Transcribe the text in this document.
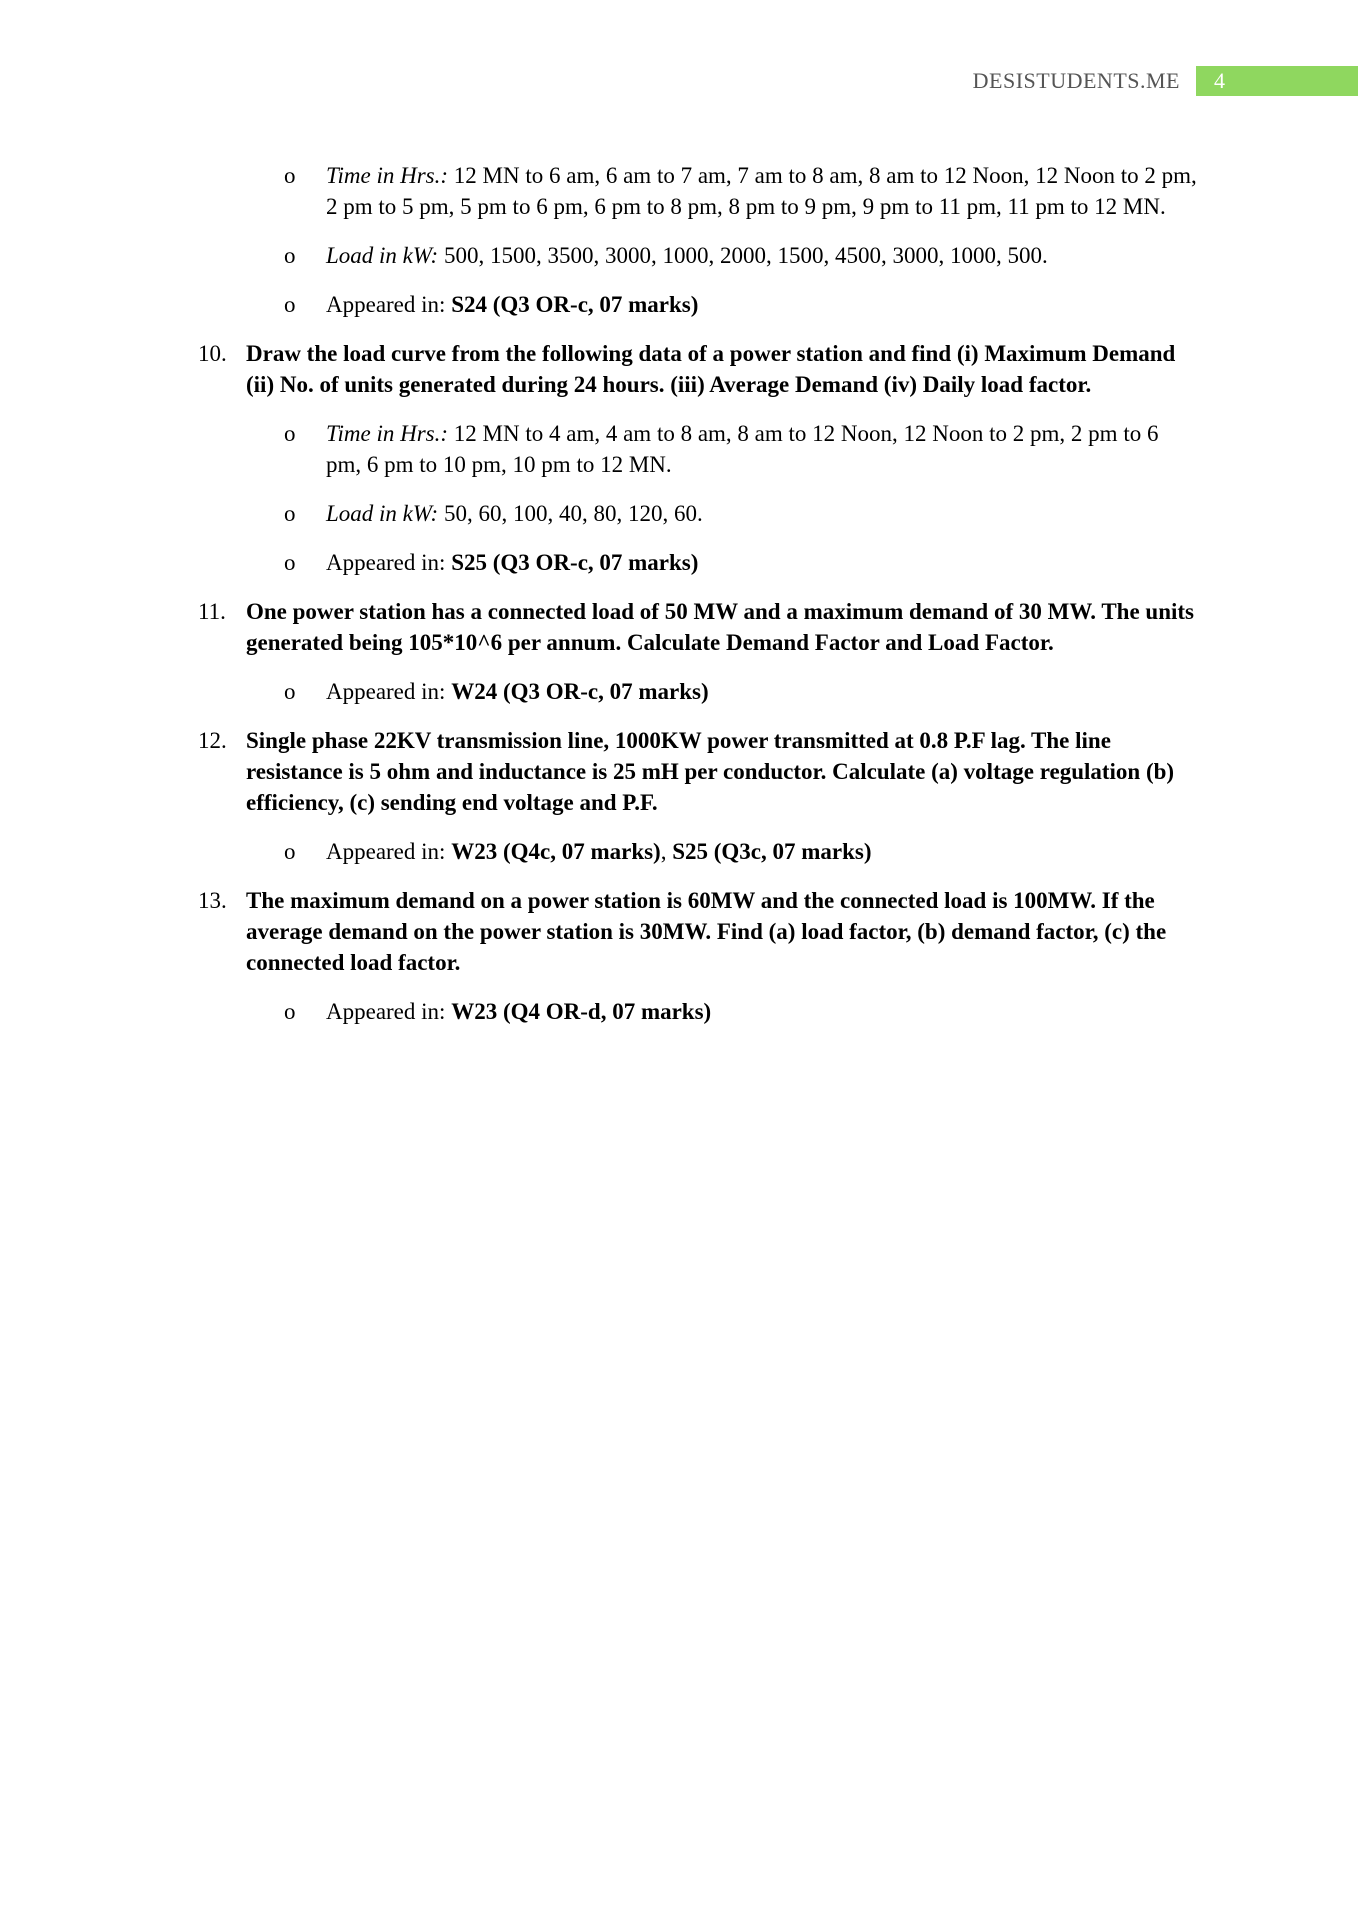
DESISTUDENTS.ME	4
o Time in Hrs.: 12 MN to 6 am, 6 am to 7 am, 7 am to 8 am, 8 am to 12 Noon, 12 Noon to 2 pm, 2 pm to 5 pm, 5 pm to 6 pm, 6 pm to 8 pm, 8 pm to 9 pm, 9 pm to 11 pm, 11 pm to 12 MN.
o Load in kW: 500, 1500, 3500, 3000, 1000, 2000, 1500, 4500, 3000, 1000, 500.
o Appeared in: S24 (Q3 OR-c, 07 marks)
10. Draw the load curve from the following data of a power station and find (i) Maximum Demand (ii) No. of units generated during 24 hours. (iii) Average Demand (iv) Daily load factor.
o Time in Hrs.: 12 MN to 4 am, 4 am to 8 am, 8 am to 12 Noon, 12 Noon to 2 pm, 2 pm to 6 pm, 6 pm to 10 pm, 10 pm to 12 MN.
o Load in kW: 50, 60, 100, 40, 80, 120, 60.
o Appeared in: S25 (Q3 OR-c, 07 marks)
11. One power station has a connected load of 50 MW and a maximum demand of 30 MW. The units generated being 105*10^6 per annum. Calculate Demand Factor and Load Factor.
o Appeared in: W24 (Q3 OR-c, 07 marks)
12. Single phase 22KV transmission line, 1000KW power transmitted at 0.8 P.F lag. The line resistance is 5 ohm and inductance is 25 mH per conductor. Calculate (a) voltage regulation (b) efficiency, (c) sending end voltage and P.F.
o Appeared in: W23 (Q4c, 07 marks), S25 (Q3c, 07 marks)
13. The maximum demand on a power station is 60MW and the connected load is 100MW. If the average demand on the power station is 30MW. Find (a) load factor, (b) demand factor, (c) the connected load factor.
o Appeared in: W23 (Q4 OR-d, 07 marks)
